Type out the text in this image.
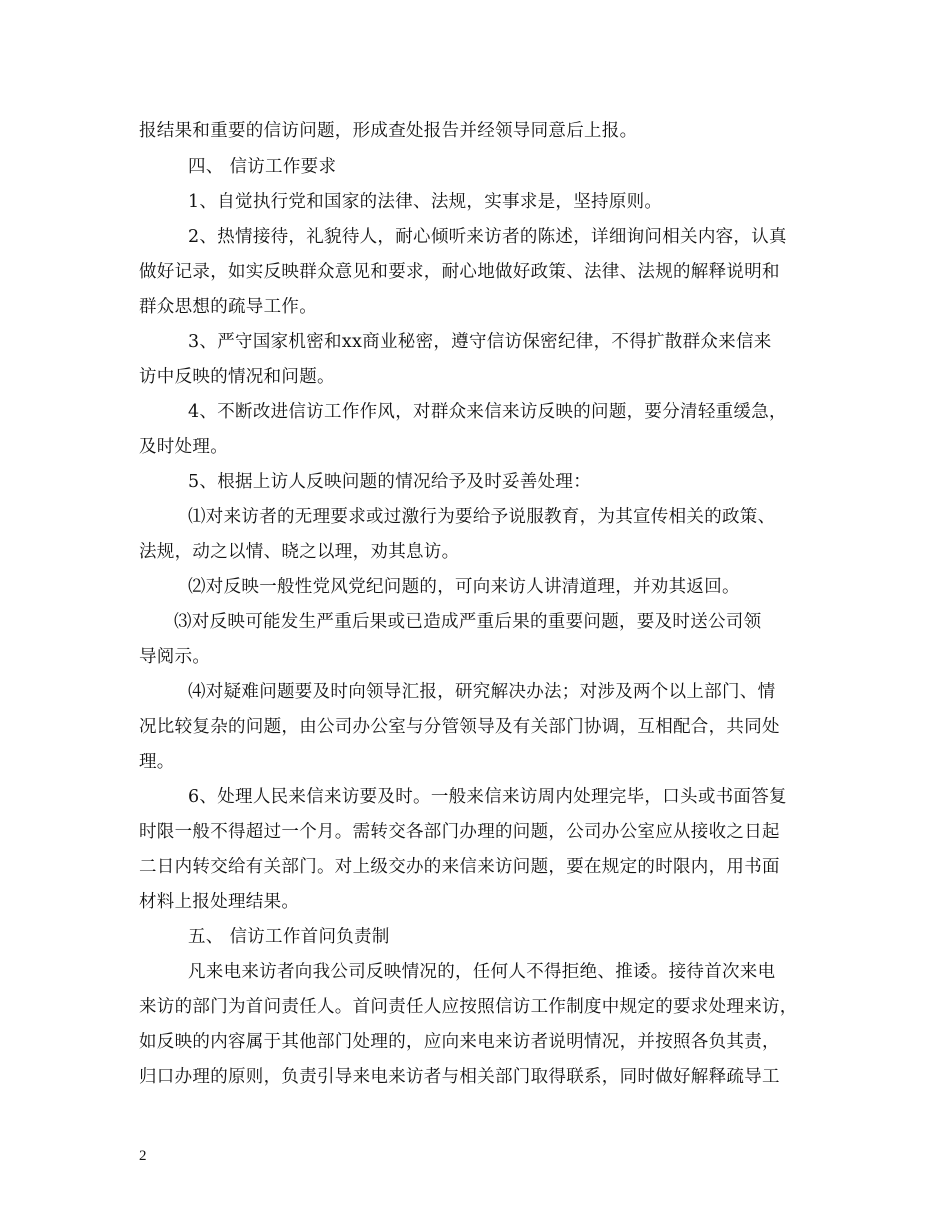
报结果和重要的信访问题，形成查处报告并经领导同意后上报。
四、 信访工作要求
1、自觉执行党和国家的法律、法规，实事求是，坚持原则。
2、热情接待，礼貌待人，耐心倾听来访者的陈述，详细询问相关内容，认真
做好记录，如实反映群众意见和要求，耐心地做好政策、法律、法规的解释说明和
群众思想的疏导工作。
3、严守国家机密和xx商业秘密，遵守信访保密纪律，不得扩散群众来信来
访中反映的情况和问题。
4、不断改进信访工作作风，对群众来信来访反映的问题，要分清轻重缓急，
及时处理。
5、根据上访人反映问题的情况给予及时妥善处理：
⑴对来访者的无理要求或过激行为要给予说服教育，为其宣传相关的政策、
法规，动之以情、晓之以理，劝其息访。
⑵对反映一般性党风党纪问题的，可向来访人讲清道理，并劝其返回。
⑶对反映可能发生严重后果或已造成严重后果的重要问题，要及时送公司领
导阅示。
⑷对疑难问题要及时向领导汇报，研究解决办法；对涉及两个以上部门、情
况比较复杂的问题，由公司办公室与分管领导及有关部门协调，互相配合，共同处
理。
6、处理人民来信来访要及时。一般来信来访周内处理完毕，口头或书面答复
时限一般不得超过一个月。需转交各部门办理的问题，公司办公室应从接收之日起
二日内转交给有关部门。对上级交办的来信来访问题，要在规定的时限内，用书面
材料上报处理结果。
五、 信访工作首问负责制
凡来电来访者向我公司反映情况的，任何人不得拒绝、推诿。接待首次来电
来访的部门为首问责任人。首问责任人应按照信访工作制度中规定的要求处理来访，
如反映的内容属于其他部门处理的，应向来电来访者说明情况，并按照各负其责，
归口办理的原则，负责引导来电来访者与相关部门取得联系，同时做好解释疏导工
2
